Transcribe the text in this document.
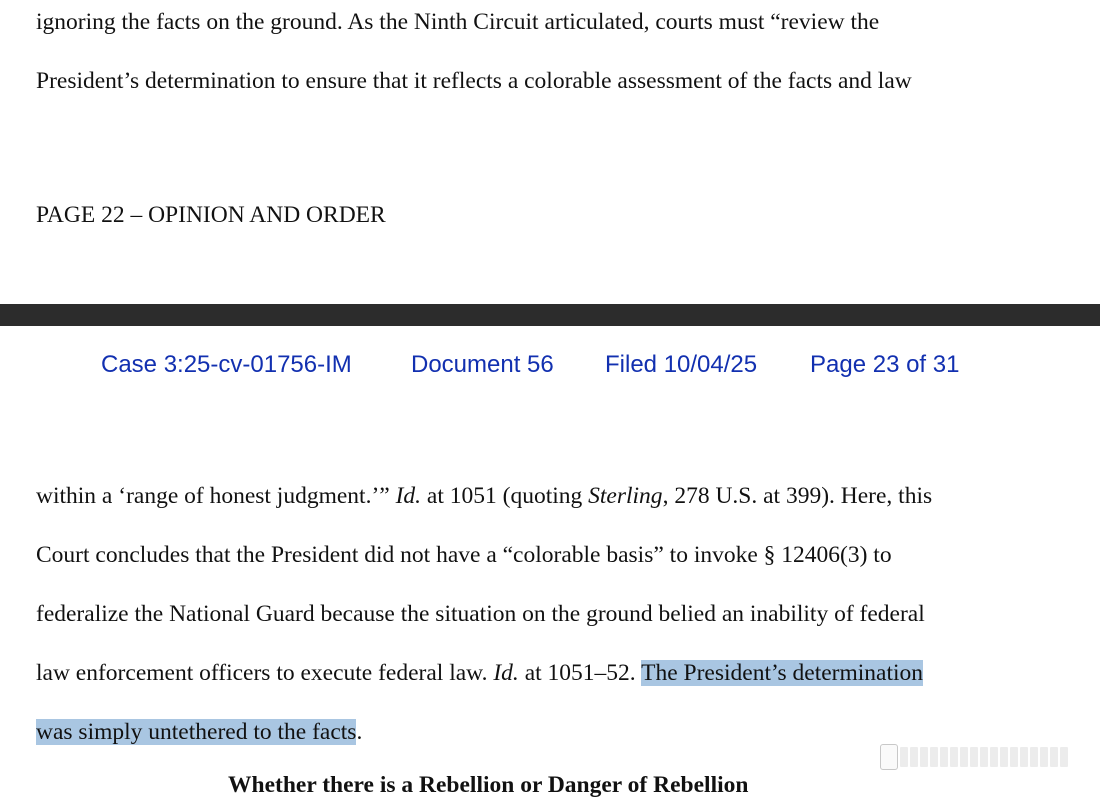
ignoring the facts on the ground. As the Ninth Circuit articulated, courts must “review the

President’s determination to ensure that it reflects a colorable assessment of the facts and law

PAGE 22 – OPINION AND ORDER

Case 3:25-cv-01756-IM Document 56 Filed 10/04/25 Page 23 of 31

within a ‘range of honest judgment.’” Id. at 1051 (quoting Sterling, 278 U.S. at 399). Here, this

Court concludes that the President did not have a “colorable basis” to invoke § 12406(3) to

federalize the National Guard because the situation on the ground belied an inability of federal

law enforcement officers to execute federal law. Id. at 1051–52. The President’s determination

was simply untethered to the facts.

Whether there is a Rebellion or Danger of Rebellion
